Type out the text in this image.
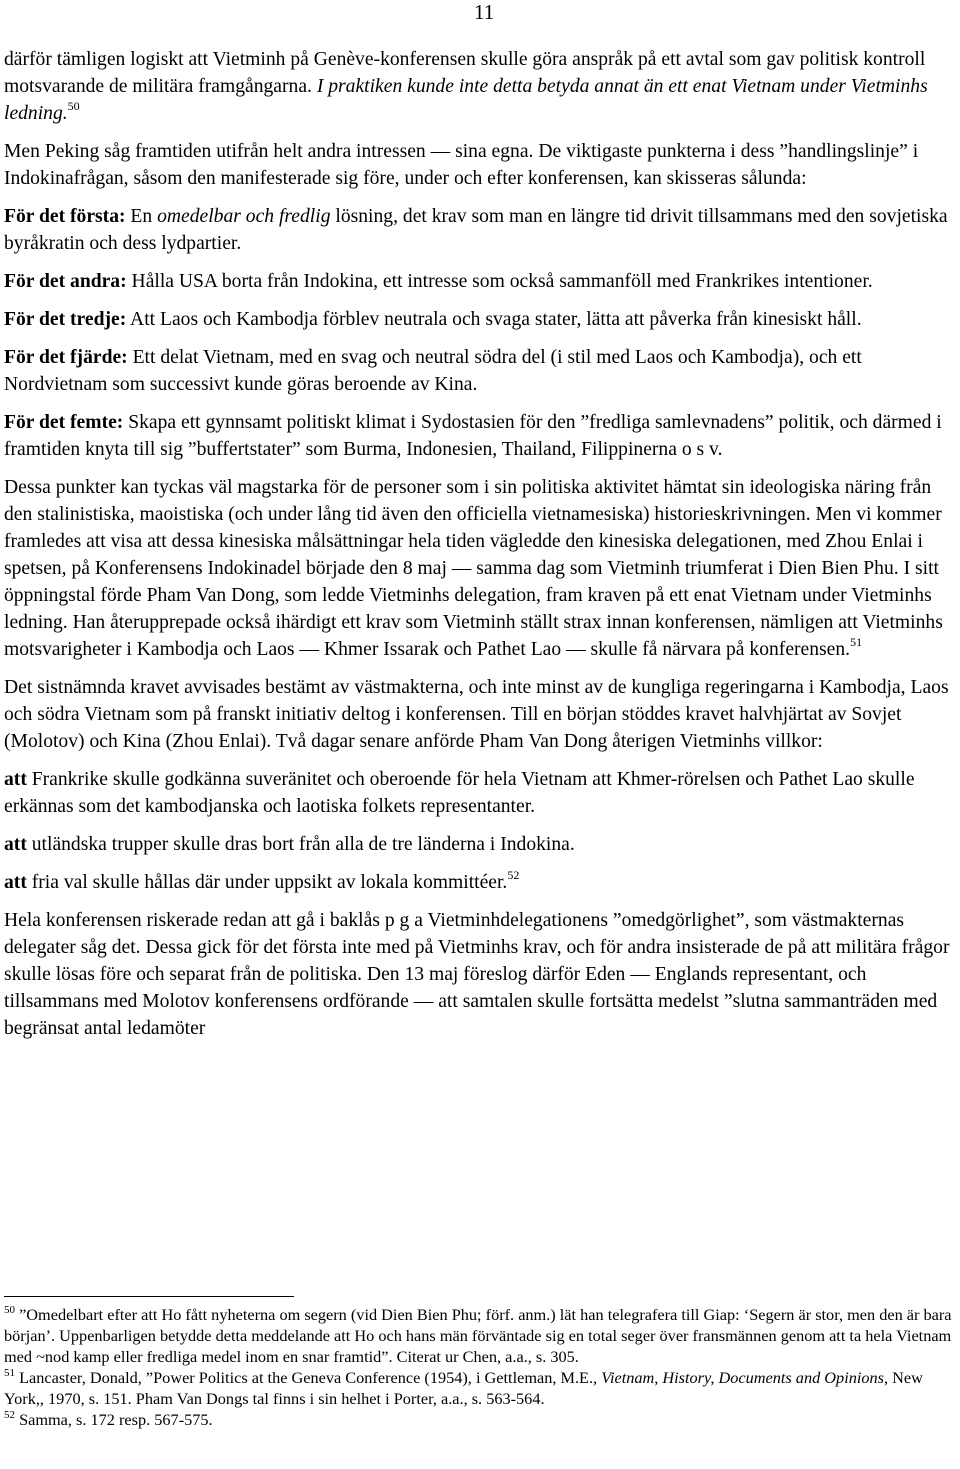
11

därför tämligen logiskt att Vietminh på Genève-konferensen skulle göra anspråk på ett avtal som gav politisk kontroll motsvarande de militära framgångarna. I praktiken kunde inte detta betyda annat än ett enat Vietnam under Vietminhs ledning.$^{50}$

Men Peking såg framtiden utifrån helt andra intressen — sina egna. De viktigaste punkterna i dess ”handlingslinje” i Indokinafrågan, såsom den manifesterade sig före, under och efter konferensen, kan skisseras sålunda:

För det första: En omedelbar och fredlig lösning, det krav som man en längre tid drivit tillsammans med den sovjetiska byråkratin och dess lydpartier.

För det andra: Hålla USA borta från Indokina, ett intresse som också sammanföll med Frankrikes intentioner.

För det tredje: Att Laos och Kambodja förblev neutrala och svaga stater, lätta att påverka från kinesiskt håll.

För det fjärde: Ett delat Vietnam, med en svag och neutral södra del (i stil med Laos och Kambodja), och ett Nordvietnam som successivt kunde göras beroende av Kina.

För det femte: Skapa ett gynnsamt politiskt klimat i Sydostasien för den ”fredliga samlevnadens” politik, och därmed i framtiden knyta till sig ”buffertstater” som Burma, Indonesien, Thailand, Filippinerna o s v.

Dessa punkter kan tyckas väl magstarka för de personer som i sin politiska aktivitet hämtat sin ideologiska näring från den stalinistiska, maoistiska (och under lång tid även den officiella vietnamesiska) historieskrivningen. Men vi kommer framledes att visa att dessa kinesiska målsättningar hela tiden vägledde den kinesiska delegationen, med Zhou Enlai i spetsen, på Konferensens Indokinadel började den 8 maj — samma dag som Vietminh triumferat i Dien Bien Phu. I sitt öppningstal förde Pham Van Dong, som ledde Vietminhs delegation, fram kraven på ett enat Vietnam under Vietminhs ledning. Han återupprepade också ihärdigt ett krav som Vietminh ställt strax innan konferensen, nämligen att Vietminhs motsvarigheter i Kambodja och Laos — Khmer Issarak och Pathet Lao — skulle få närvara på konferensen.$^{51}$

Det sistnämnda kravet avvisades bestämt av västmakterna, och inte minst av de kungliga regeringarna i Kambodja, Laos och södra Vietnam som på franskt initiativ deltog i konferensen. Till en början stöddes kravet halvhjärtat av Sovjet (Molotov) och Kina (Zhou Enlai). Två dagar senare anförde Pham Van Dong återigen Vietminhs villkor:

att Frankrike skulle godkänna suveränitet och oberoende för hela Vietnam att Khmer-rörelsen och Pathet Lao skulle erkännas som det kambodjanska och laotiska folkets representanter.

att utländska trupper skulle dras bort från alla de tre länderna i Indokina.

att fria val skulle hållas där under uppsikt av lokala kommittéer.$^{52}$

Hela konferensen riskerade redan att gå i baklås p g a Vietminhdelegationens ”omedgörlighet”, som västmakternas delegater såg det. Dessa gick för det första inte med på Vietminhs krav, och för andra insisterade de på att militära frågor skulle lösas före och separat från de politiska. Den 13 maj föreslog därför Eden — Englands representant, och tillsammans med Molotov konferensens ordförande — att samtalen skulle fortsätta medelst ”slutna sammanträden med begränsat antal ledamöter

$^{50}$ ”Omedelbart efter att Ho fått nyheterna om segern (vid Dien Bien Phu; förf. anm.) lät han telegrafera till Giap: ‘Segern är stor, men den är bara början’. Uppenbarligen betydde detta meddelande att Ho och hans män förväntade sig en total seger över fransmännen genom att ta hela Vietnam med ~nod kamp eller fredliga medel inom en snar framtid”. Citerat ur Chen, a.a., s. 305.

$^{51}$ Lancaster, Donald, ”Power Politics at the Geneva Conference (1954), i Gettleman, M.E., Vietnam, History, Documents and Opinions, New York,, 1970, s. 151. Pham Van Dongs tal finns i sin helhet i Porter, a.a., s. 563-564.

$^{52}$ Samma, s. 172 resp. 567-575.
